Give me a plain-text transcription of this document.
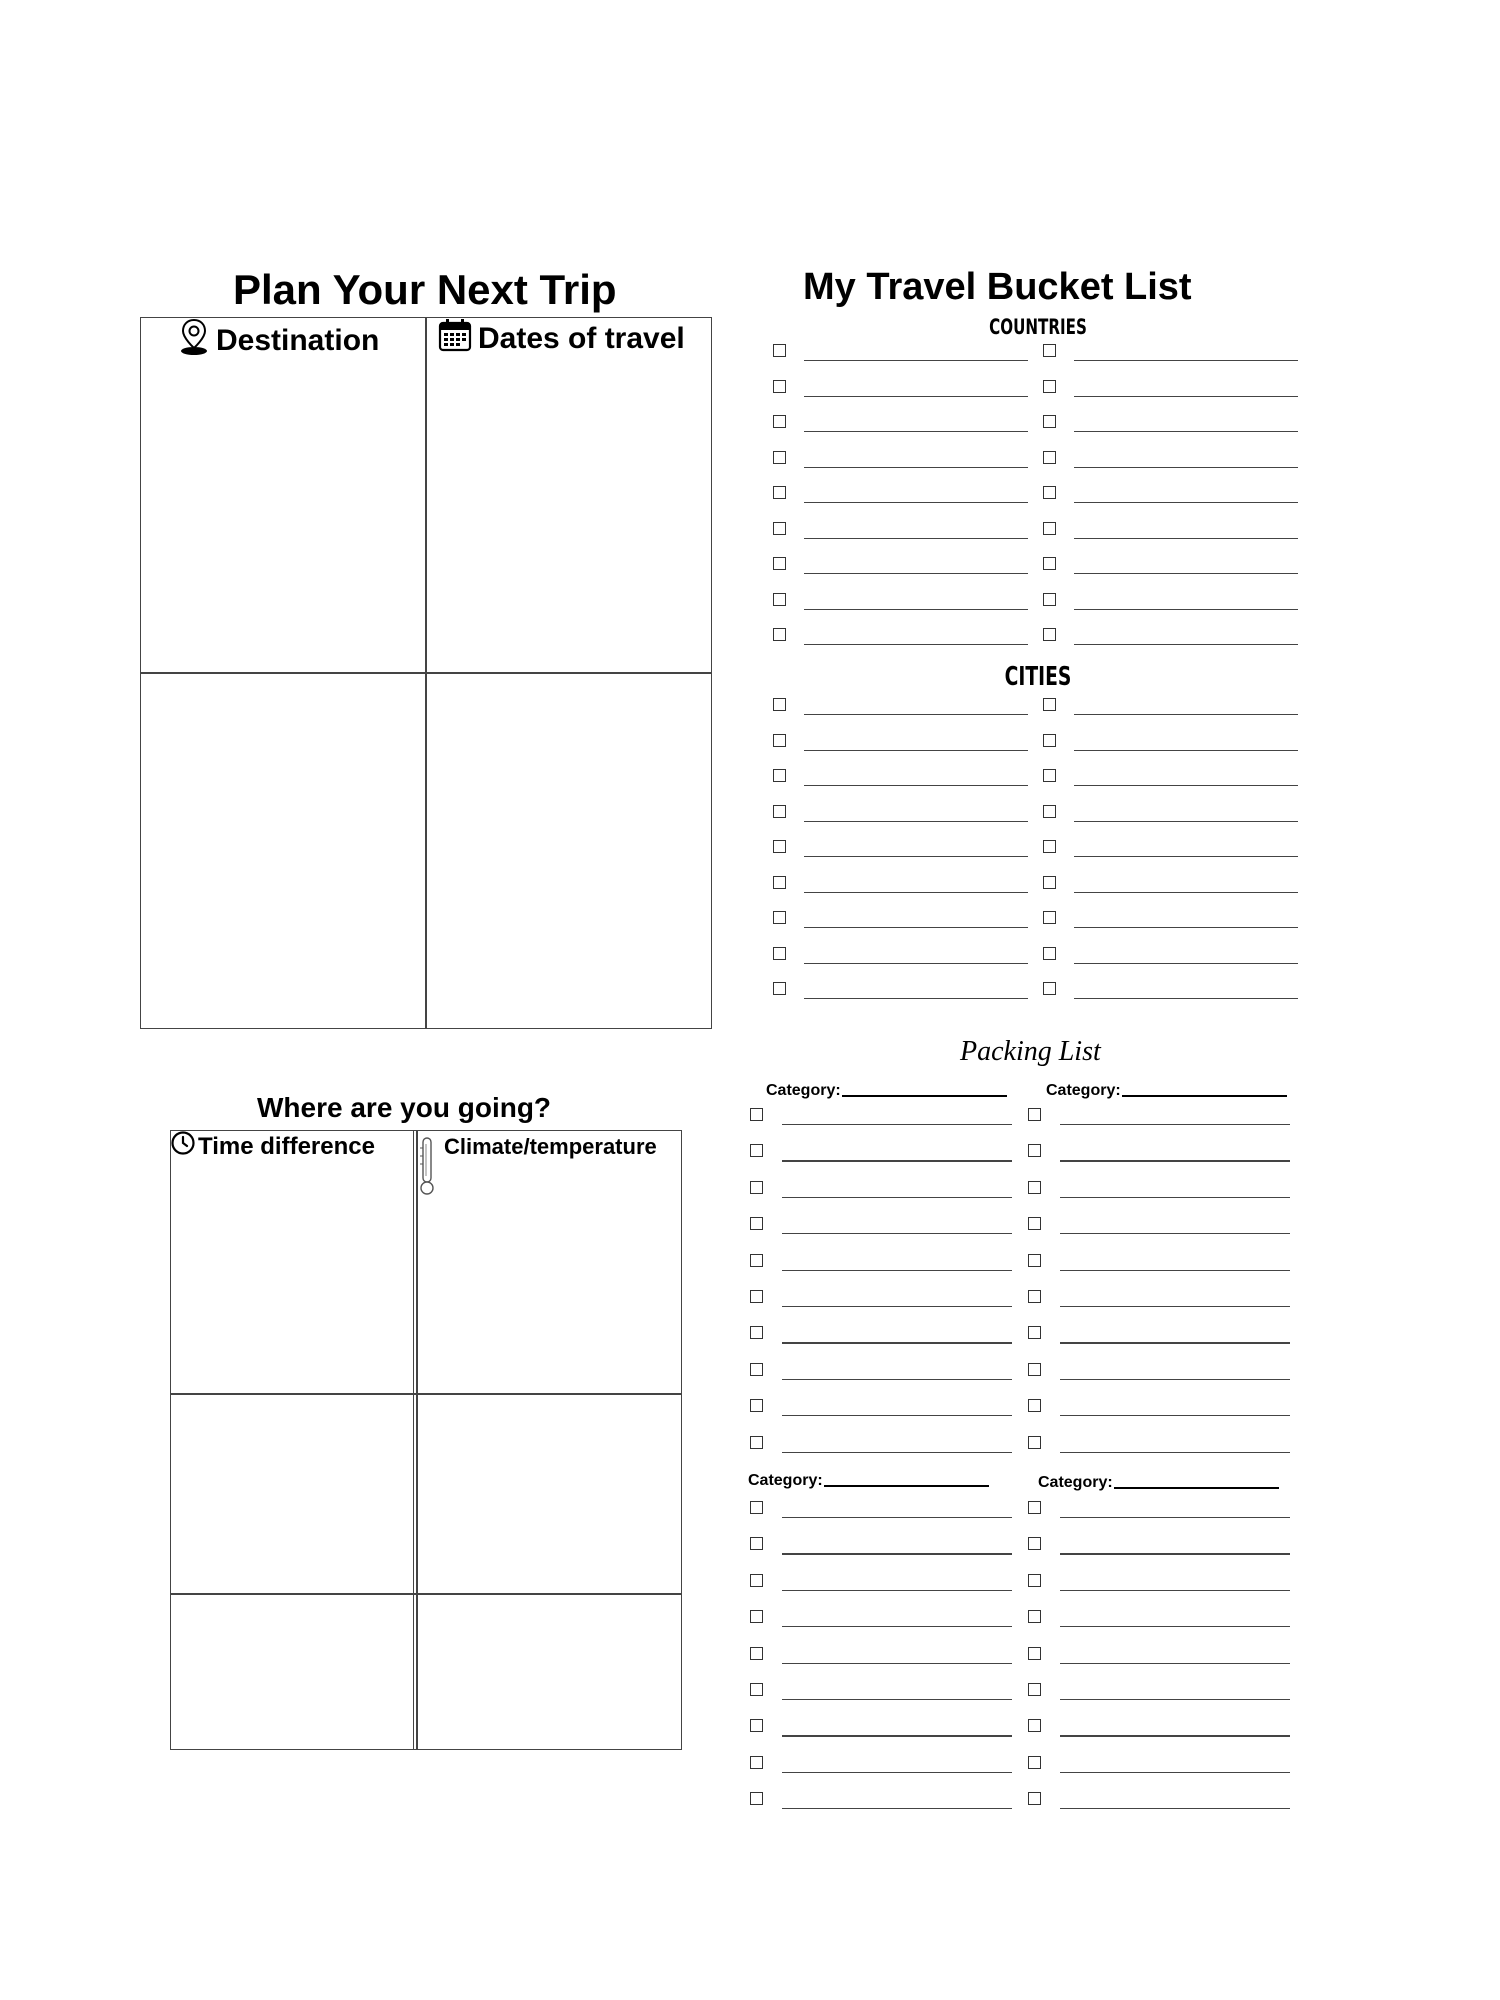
Plan Your Next Trip
Destination	Dates of travel
Where are you going?
Time difference	Climate/temperature
My Travel Bucket List
COUNTRIES
CITIES
Packing List
Category:	Category:
Category:	Category:
